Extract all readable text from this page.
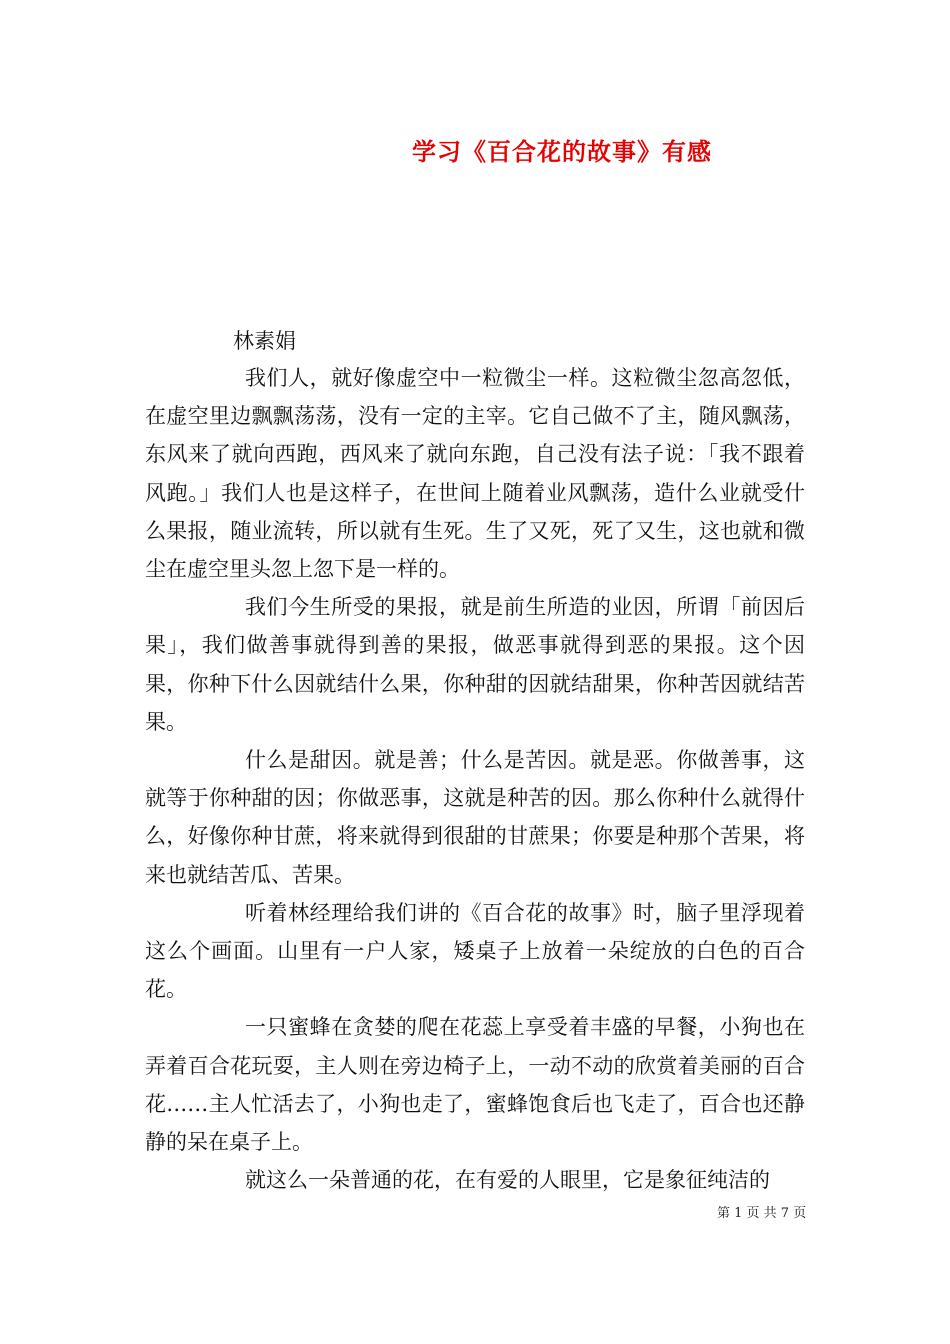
学习《百合花的故事》有感
林素娟

我们人，就好像虚空中一粒微尘一样。这粒微尘忽高忽低，在虚空里边飘飘荡荡，没有一定的主宰。它自己做不了主，随风飘荡，东风来了就向西跑，西风来了就向东跑，自己没有法子说：「我不跟着风跑。」我们人也是这样子，在世间上随着业风飘荡，造什么业就受什么果报，随业流转，所以就有生死。生了又死，死了又生，这也就和微尘在虚空里头忽上忽下是一样的。

我们今生所受的果报，就是前生所造的业因，所谓「前因后果」，我们做善事就得到善的果报，做恶事就得到恶的果报。这个因果，你种下什么因就结什么果，你种甜的因就结甜果，你种苦因就结苦果。

什么是甜因。就是善；什么是苦因。就是恶。你做善事，这就等于你种甜的因；你做恶事，这就是种苦的因。那么你种什么就得什么，好像你种甘蔗，将来就得到很甜的甘蔗果；你要是种那个苦果，将来也就结苦瓜、苦果。

听着林经理给我们讲的《百合花的故事》时，脑子里浮现着这么个画面。山里有一户人家，矮桌子上放着一朵绽放的白色的百合花。

一只蜜蜂在贪婪的爬在花蕊上享受着丰盛的早餐，小狗也在弄着百合花玩耍，主人则在旁边椅子上，一动不动的欣赏着美丽的百合花……主人忙活去了，小狗也走了，蜜蜂饱食后也飞走了，百合也还静静的呆在桌子上。

就这么一朵普通的花，在有爱的人眼里，它是象征纯洁的

第 1 页 共 7 页
